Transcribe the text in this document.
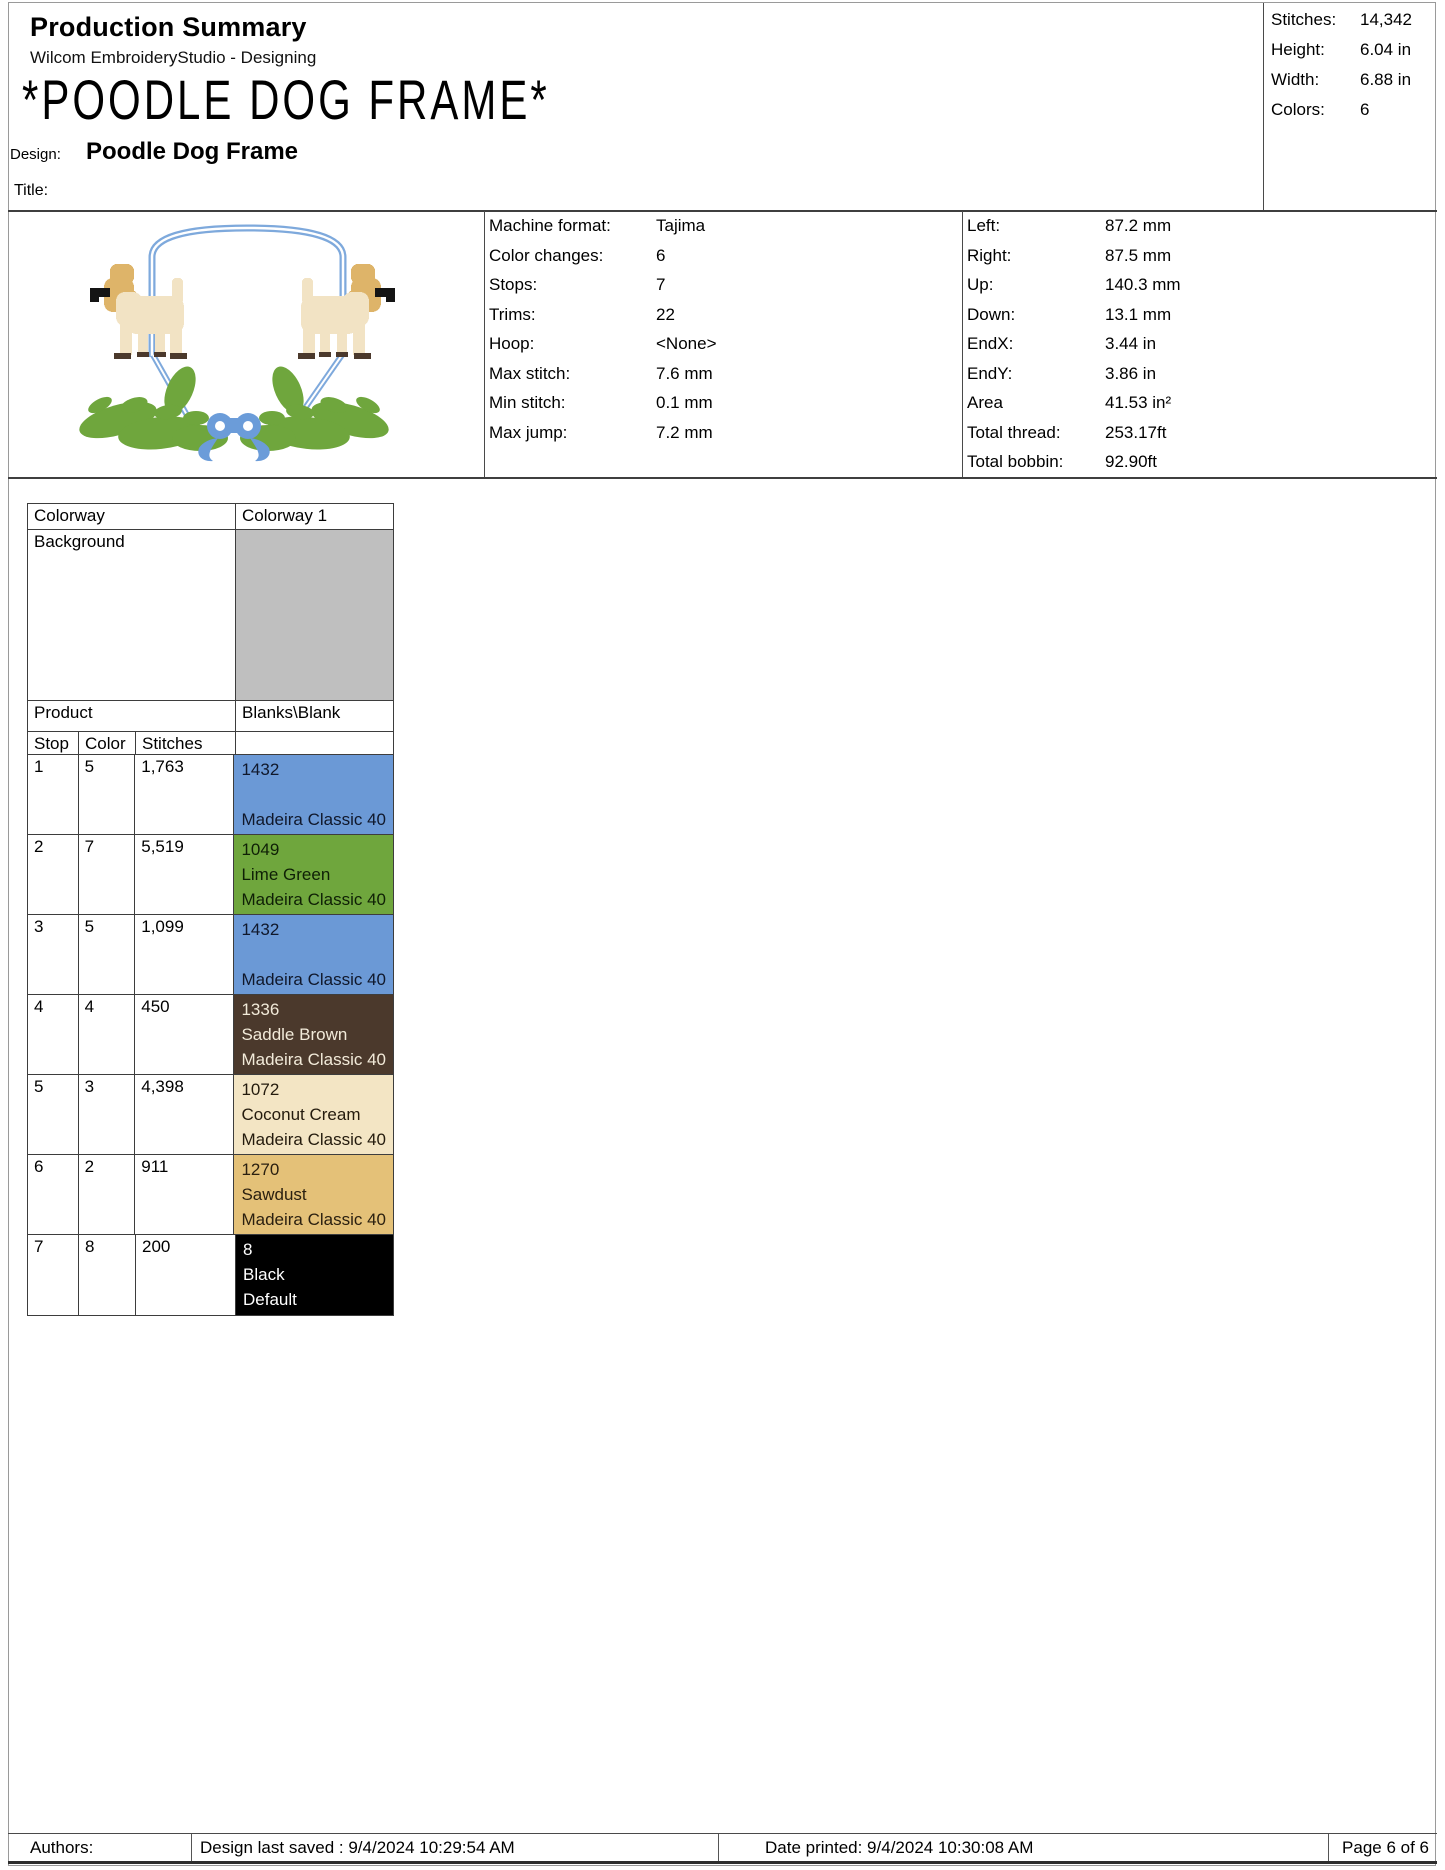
Production Summary
Wilcom EmbroideryStudio - Designing
*POODLE DOG FRAME*
Design: Poodle Dog Frame
Title:
Stitches:	14,342
Height:	6.04 in
Width:	6.88 in
Colors:	6
Machine format:	Tajima
Color changes:	6
Stops:	7
Trims:	22
Hoop:	<None>
Max stitch:	7.6 mm
Min stitch:	0.1 mm
Max jump:	7.2 mm
Left:	87.2 mm
Right:	87.5 mm
Up:	140.3 mm
Down:	13.1 mm
EndX:	3.44 in
EndY:	3.86 in
Area	41.53 in²
Total thread:	253.17ft
Total bobbin:	92.90ft
Colorway	Colorway 1
Background
Product	Blanks\Blank
Stop Color Stitches
1	5	1,763	1432
Madeira Classic 40
2	7	5,519	1049
Lime Green
Madeira Classic 40
3	5	1,099	1432
Madeira Classic 40
4	4	450	1336
Saddle Brown
Madeira Classic 40
5	3	4,398	1072
Coconut Cream
Madeira Classic 40
6	2	911	1270
Sawdust
Madeira Classic 40
7	8	200	8
Black
Default
Authors:	Design last saved : 9/4/2024 10:29:54 AM	Date printed: 9/4/2024 10:30:08 AM	Page 6 of 6
